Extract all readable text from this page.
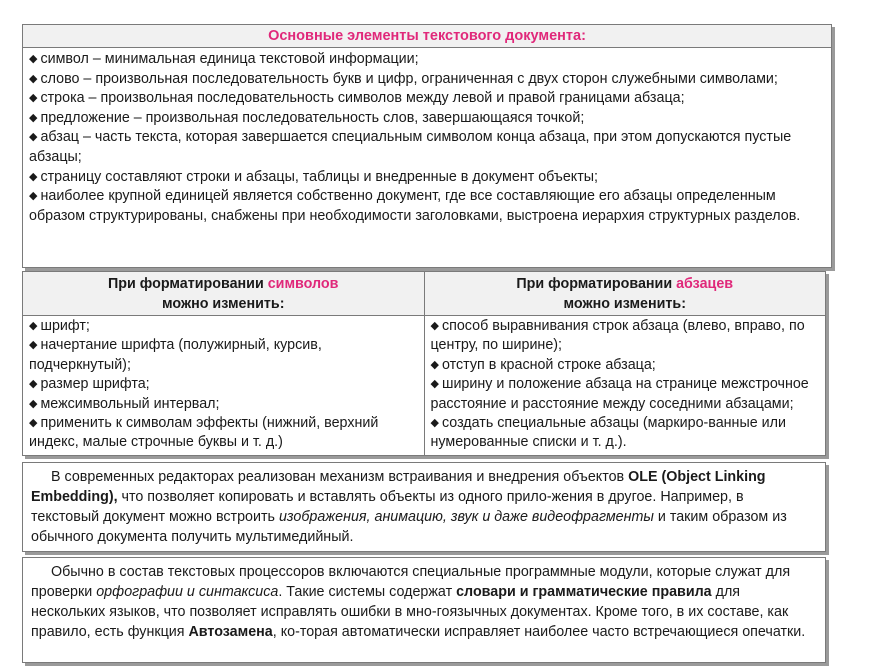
Основные элементы текстового документа:

◆ символ – минимальная единица текстовой информации;

◆ слово – произвольная последовательность букв и цифр, ограниченная с двух сторон служебными символами;

◆ строка – произвольная последовательность символов между левой и правой границами абзаца;

◆ предложение – произвольная последовательность слов, завершающаяся точкой;

◆ абзац – часть текста, которая завершается специальным символом конца абзаца, при этом допускаются пустые абзацы;

◆ страницу составляют строки и абзацы, таблицы и внедренные в документ объекты;

◆ наиболее крупной единицей является собственно документ, где все составляющие его абзацы определенным образом структурированы, снабжены при необходимости заголовками, выстроена иерархия структурных разделов.

При форматировании символов
можно изменить:

◆ шрифт;

◆ начертание шрифта (полужирный, курсив, подчеркнутый);

◆ размер шрифта;

◆ межсимвольный интервал;

◆ применить к символам эффекты (нижний, верхний индекс, малые строчные буквы и т. д.)

При форматировании абзацев
можно изменить:

◆ способ выравнивания строк абзаца (влево, вправо, по центру, по ширине);

◆ отступ в красной строке абзаца;

◆ ширину и положение абзаца на странице межстрочное расстояние и расстояние между соседними абзацами;

◆ создать специальные абзацы (маркиро-ванные или нумерованные списки и т. д.).

В современных редакторах реализован механизм встраивания и внедрения объектов OLE (Object Linking Embedding), что позволяет копировать и вставлять объекты из одного прило-жения в другое. Например, в текстовый документ можно встроить изображения, анимацию, звук и даже видеофрагменты и таким образом из обычного документа получить мультимедийный.

Обычно в состав текстовых процессоров включаются специальные программные модули, которые служат для проверки орфографии и синтаксиса. Такие системы содержат словари и грамматические правила для нескольких языков, что позволяет исправлять ошибки в мно-гоязычных документах. Кроме того, в их составе, как правило, есть функция Автозамена, ко-торая автоматически исправляет наиболее часто встречающиеся опечатки.
